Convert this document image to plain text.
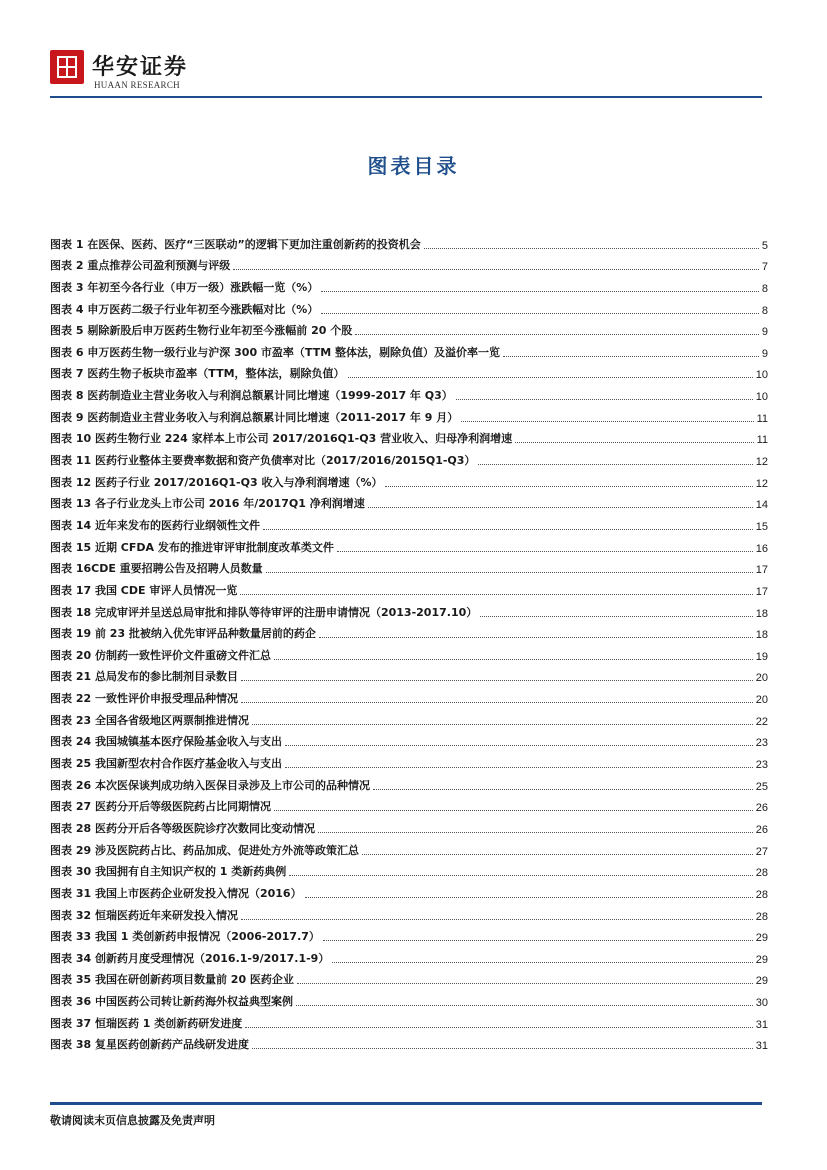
华安证券
HUAAN RESEARCH
图表目录
图表 1 在医保、医药、医疗“三医联动”的逻辑下更加注重创新药的投资机会	5
图表 2 重点推荐公司盈利预测与评级	7
图表 3 年初至今各行业（申万一级）涨跌幅一览（%）	8
图表 4 申万医药二级子行业年初至今涨跌幅对比（%）	8
图表 5 剔除新股后申万医药生物行业年初至今涨幅前 20 个股	9
图表 6 申万医药生物一级行业与沪深 300 市盈率（TTM 整体法，剔除负值）及溢价率一览	9
图表 7 医药生物子板块市盈率（TTM，整体法，剔除负值）	10
图表 8 医药制造业主营业务收入与利润总额累计同比增速（1999-2017 年 Q3）	10
图表 9 医药制造业主营业务收入与利润总额累计同比增速（2011-2017 年 9 月）	11
图表 10 医药生物行业 224 家样本上市公司 2017/2016Q1-Q3 营业收入、归母净利润增速	11
图表 11 医药行业整体主要费率数据和资产负债率对比（2017/2016/2015Q1-Q3）	12
图表 12 医药子行业 2017/2016Q1-Q3 收入与净利润增速（%）	12
图表 13 各子行业龙头上市公司 2016 年/2017Q1 净利润增速	14
图表 14 近年来发布的医药行业纲领性文件	15
图表 15 近期 CFDA 发布的推进审评审批制度改革类文件	16
图表 16CDE 重要招聘公告及招聘人员数量	17
图表 17 我国 CDE 审评人员情况一览	17
图表 18 完成审评并呈送总局审批和排队等待审评的注册申请情况（2013-2017.10）	18
图表 19 前 23 批被纳入优先审评品种数量居前的药企	18
图表 20 仿制药一致性评价文件重磅文件汇总	19
图表 21 总局发布的参比制剂目录数目	20
图表 22 一致性评价申报受理品种情况	20
图表 23 全国各省级地区两票制推进情况	22
图表 24 我国城镇基本医疗保险基金收入与支出	23
图表 25 我国新型农村合作医疗基金收入与支出	23
图表 26 本次医保谈判成功纳入医保目录涉及上市公司的品种情况	25
图表 27 医药分开后等级医院药占比同期情况	26
图表 28 医药分开后各等级医院诊疗次数同比变动情况	26
图表 29 涉及医院药占比、药品加成、促进处方外流等政策汇总	27
图表 30 我国拥有自主知识产权的 1 类新药典例	28
图表 31 我国上市医药企业研发投入情况（2016）	28
图表 32 恒瑞医药近年来研发投入情况	28
图表 33 我国 1 类创新药申报情况（2006-2017.7）	29
图表 34 创新药月度受理情况（2016.1-9/2017.1-9）	29
图表 35 我国在研创新药项目数量前 20 医药企业	29
图表 36 中国医药公司转让新药海外权益典型案例	30
图表 37 恒瑞医药 1 类创新药研发进度	31
图表 38 复星医药创新药产品线研发进度	31
敬请阅读末页信息披露及免责声明
